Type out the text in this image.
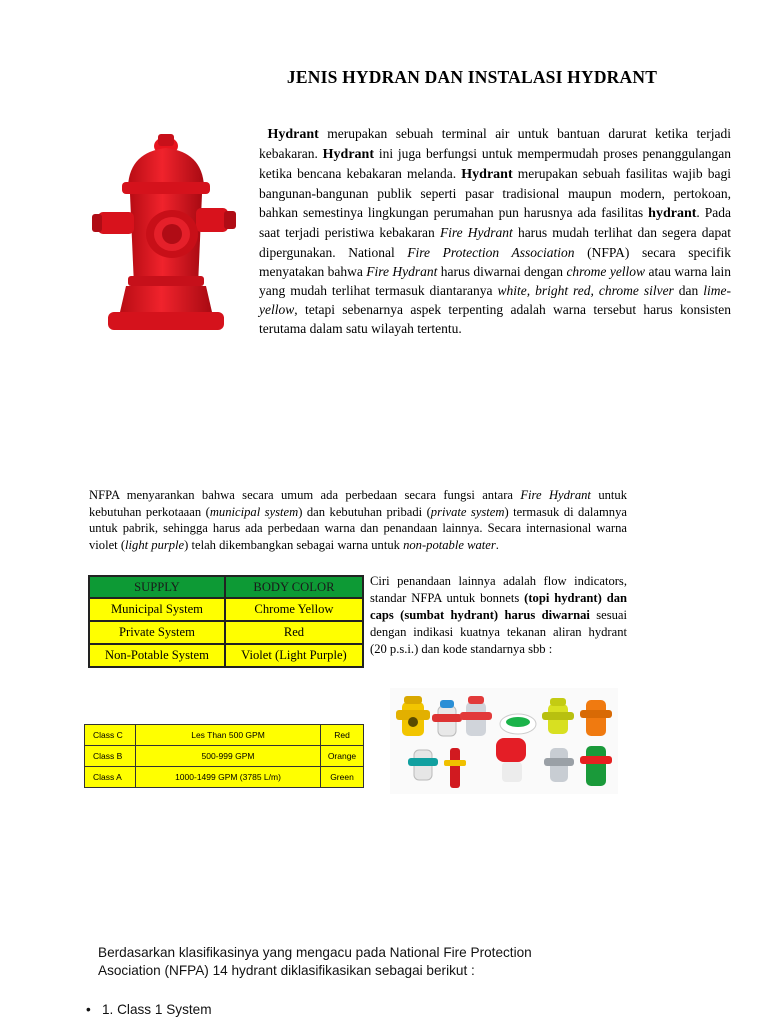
JENIS HYDRAN DAN INSTALASI HYDRANT
Hydrant merupakan sebuah terminal air untuk bantuan darurat ketika terjadi kebakaran. Hydrant ini juga berfungsi untuk mempermudah proses penanggulangan ketika bencana kebakaran melanda. Hydrant merupakan sebuah fasilitas wajib bagi bangunan-bangunan publik seperti pasar tradisional maupun modern, pertokoan, bahkan semestinya lingkungan perumahan pun harusnya ada fasilitas hydrant. Pada saat terjadi peristiwa kebakaran Fire Hydrant harus mudah terlihat dan segera dapat dipergunakan. National Fire Protection Association (NFPA) secara specifik menyatakan bahwa Fire Hydrant harus diwarnai dengan chrome yellow atau warna lain yang mudah terlihat termasuk diantaranya white, bright red, chrome silver dan lime-yellow, tetapi sebenarnya aspek terpenting adalah warna tersebut harus konsisten terutama dalam satu wilayah tertentu.
NFPA menyarankan bahwa secara umum ada perbedaan secara fungsi antara Fire Hydrant untuk kebutuhan perkotaaan (municipal system) dan kebutuhan pribadi (private system) termasuk di dalamnya untuk pabrik, sehingga harus ada perbedaan warna dan penandaan lainnya. Secara internasional warna violet (light purple) telah dikembangkan sebagai warna untuk non-potable water.
SUPPLY	BODY COLOR
Municipal System	Chrome Yellow
Private System	Red
Non-Potable System	Violet (Light Purple)
Ciri penandaan lainnya adalah flow indicators, standar NFPA untuk bonnets (topi hydrant) dan caps (sumbat hydrant) harus diwarnai sesuai dengan indikasi kuatnya tekanan aliran hydrant (20 p.s.i.) dan kode standarnya sbb :
Class C	Les Than 500 GPM	Red
Class B	500-999 GPM	Orange
Class A	1000-1499 GPM (3785 L/m)	Green
Berdasarkan klasifikasinya yang mengacu pada National Fire Protection Asociation (NFPA) 14 hydrant diklasifikasikan sebagai berikut :
• 1. Class 1 System
